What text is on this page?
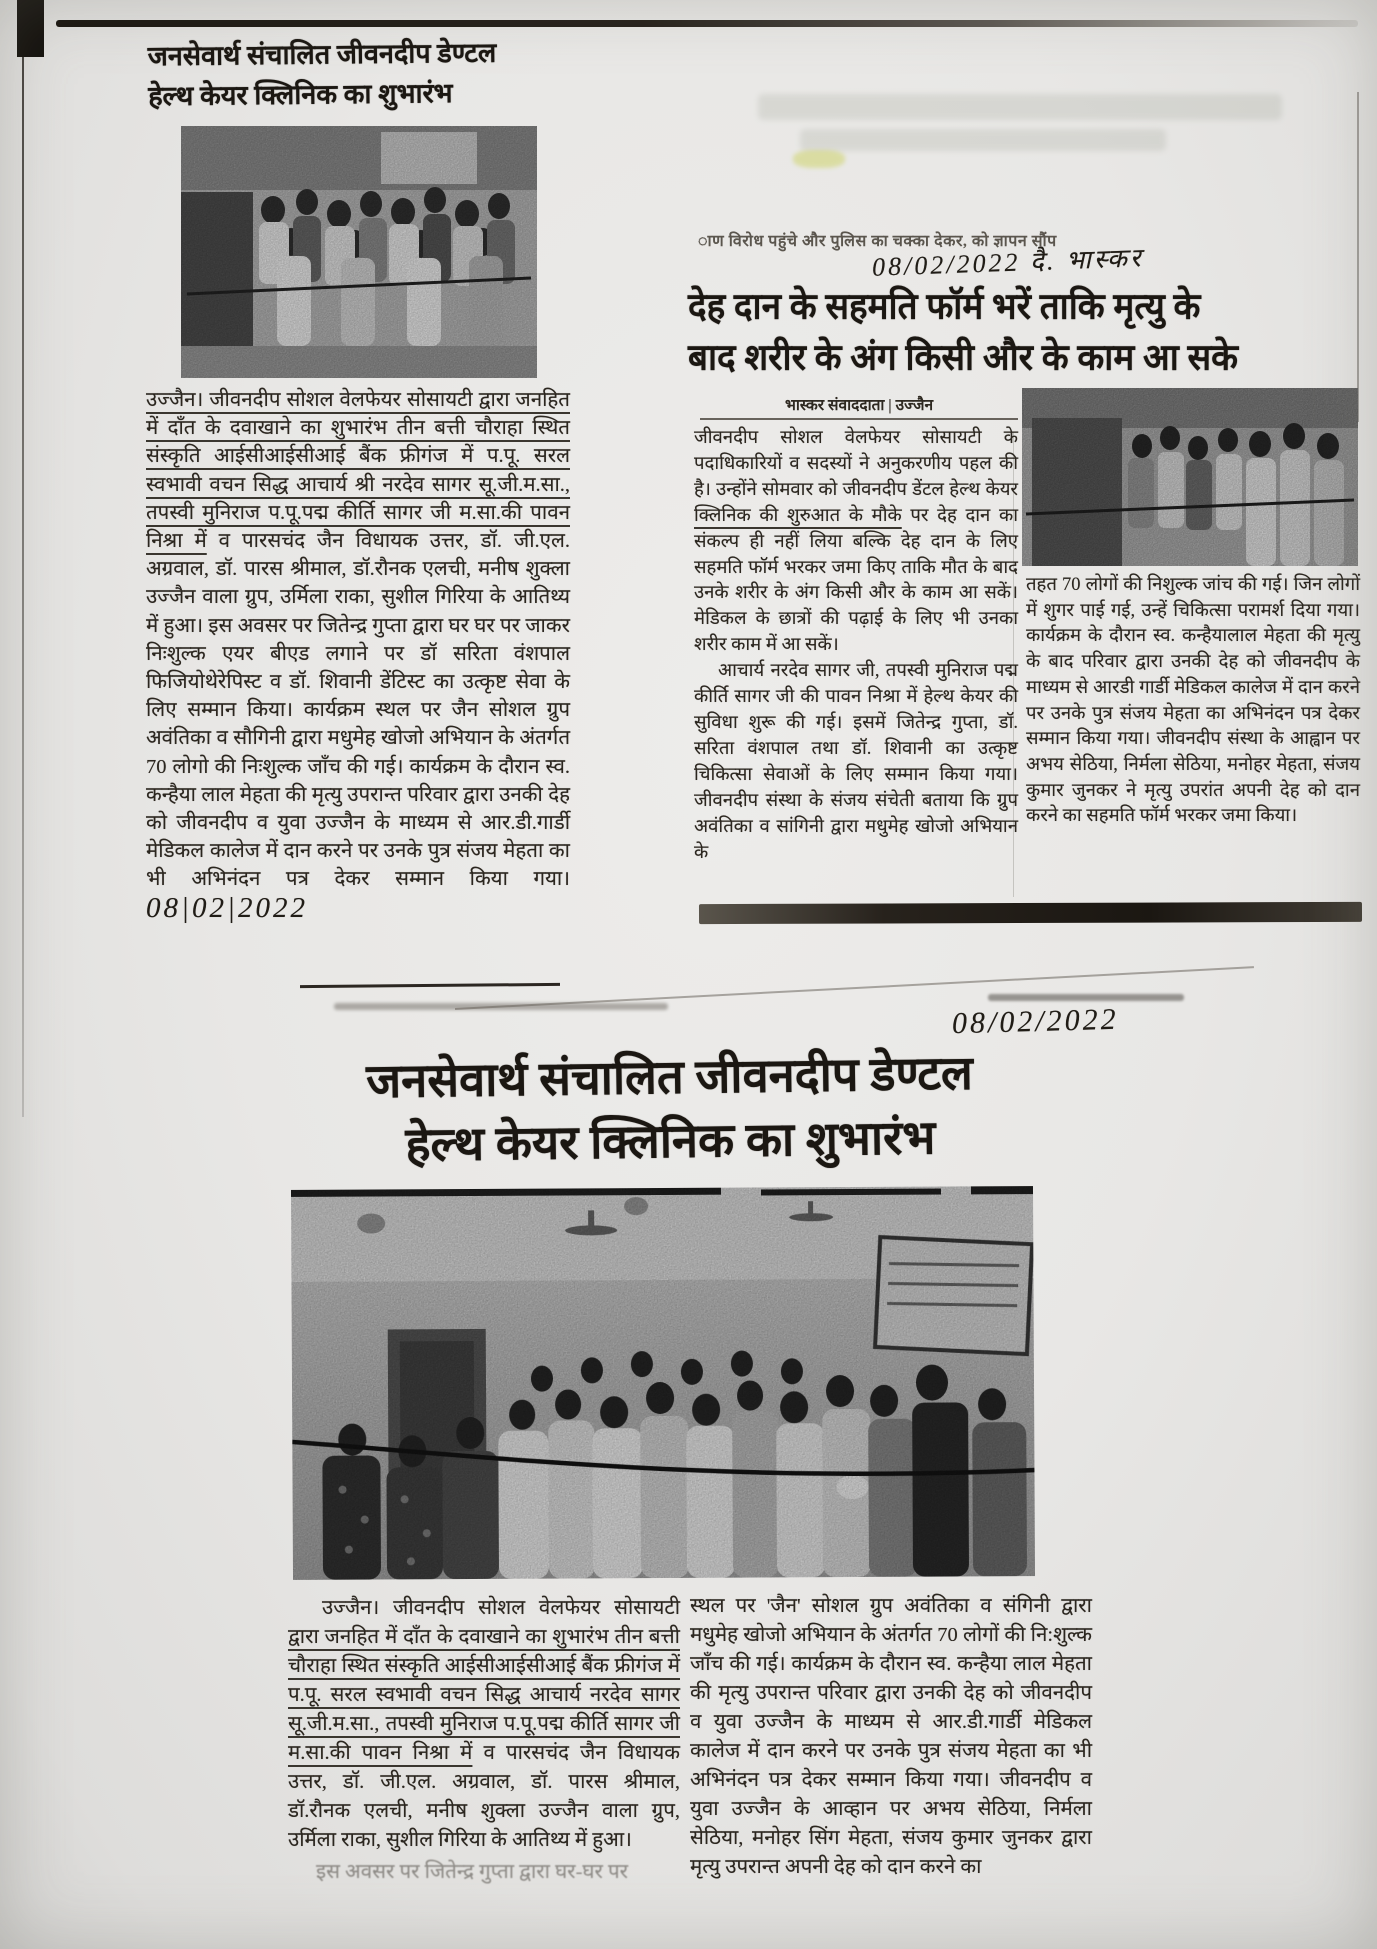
जनसेवार्थ संचालित जीवनदीप डेण्टल
हेल्थ केयर क्लिनिक का शुभारंभ
उज्जैन। जीवनदीप सोशल वेलफेयर सोसायटी द्वारा जनहित में दाँत के दवाखाने का शुभारंभ तीन बत्ती चौराहा स्थित संस्कृति आईसीआईसीआई बैंक फ्रीगंज में प.पू. सरल स्वभावी वचन सिद्ध आचार्य श्री नरदेव सागर सू.जी.म.सा., तपस्वी मुनिराज प.पू.पद्म कीर्ति सागर जी म.सा.की पावन निश्रा में व पारसचंद जैन विधायक उत्तर, डॉ. जी.एल. अग्रवाल, डॉ. पारस श्रीमाल, डॉ.रौनक एलची, मनीष शुक्ला उज्जैन वाला ग्रुप, उर्मिला राका, सुशील गिरिया के आतिथ्य में हुआ। इस अवसर पर जितेन्द्र गुप्ता द्वारा घर घर पर जाकर निःशुल्क एयर बीएड लगाने पर डॉ सरिता वंशपाल फिजियोथेरेपिस्ट व डॉ. शिवानी डेंटिस्ट का उत्कृष्ट सेवा के लिए सम्मान किया। कार्यक्रम स्थल पर जैन सोशल ग्रुप अवंतिका व सौगिनी द्वारा मधुमेह खोजो अभियान के अंतर्गत 70 लोगो की निःशुल्क जाँच की गई। कार्यक्रम के दौरान स्व. कन्हैया लाल मेहता की मृत्यु उपरान्त परिवार द्वारा उनकी देह को जीवनदीप व युवा उज्जैन के माध्यम से आर.डी.गार्डी मेडिकल कालेज में दान करने पर उनके पुत्र संजय मेहता का भी अभिनंदन पत्र देकर सम्मान किया गया। 08|02|2022
ाण विरोध पहुंचे और पुलिस का चक्का देकर, को ज्ञापन सौंप
08/02/2022 दै. भास्कर
देह दान के सहमति फॉर्म भरें ताकि मृत्यु के
बाद शरीर के अंग किसी और के काम आ सके
भास्कर संवाददाता | उज्जैन

जीवनदीप सोशल वेलफेयर सोसायटी के पदाधिकारियों व सदस्यों ने अनुकरणीय पहल की है। उन्होंने सोमवार को जीवनदीप डेंटल हेल्थ केयर क्लिनिक की शुरुआत के मौके पर देह दान का संकल्प ही नहीं लिया बल्कि देह दान के लिए सहमति फॉर्म भरकर जमा किए ताकि मौत के बाद उनके शरीर के अंग किसी और के काम आ सकें। मेडिकल के छात्रों की पढ़ाई के लिए भी उनका शरीर काम में आ सकें।

आचार्य नरदेव सागर जी, तपस्वी मुनिराज पद्म कीर्ति सागर जी की पावन निश्रा में हेल्थ केयर की सुविधा शुरू की गई। इसमें जितेन्द्र गुप्ता, डॉ. सरिता वंशपाल तथा डॉ. शिवानी का उत्कृष्ट चिकित्सा सेवाओं के लिए सम्मान किया गया। जीवनदीप संस्था के संजय संचेती बताया कि ग्रुप अवंतिका व सांगिनी द्वारा मधुमेह खोजो अभियान के

तहत 70 लोगों की निशुल्क जांच की गई। जिन लोगों में शुगर पाई गई, उन्हें चिकित्सा परामर्श दिया गया। कार्यक्रम के दौरान स्व. कन्हैयालाल मेहता की मृत्यु के बाद परिवार द्वारा उनकी देह को जीवनदीप के माध्यम से आरडी गार्डी मेडिकल कालेज में दान करने पर उनके पुत्र संजय मेहता का अभिनंदन पत्र देकर सम्मान किया गया। जीवनदीप संस्था के आह्वान पर अभय सेठिया, निर्मला सेठिया, मनोहर मेहता, संजय कुमार जुनकर ने मृत्यु उपरांत अपनी देह को दान करने का सहमति फॉर्म भरकर जमा किया।
08/02/2022
जनसेवार्थ संचालित जीवनदीप डेण्टल
हेल्थ केयर क्लिनिक का शुभारंभ
उज्जैन। जीवनदीप सोशल वेलफेयर सोसायटी द्वारा जनहित में दाँत के दवाखाने का शुभारंभ तीन बत्ती चौराहा स्थित संस्कृति आईसीआईसीआई बैंक फ्रीगंज में प.पू. सरल स्वभावी वचन सिद्ध आचार्य नरदेव सागर सू.जी.म.सा., तपस्वी मुनिराज प.पू.पद्म कीर्ति सागर जी म.सा.की पावन निश्रा में व पारसचंद जैन विधायक उत्तर, डॉ. जी.एल. अग्रवाल, डॉ. पारस श्रीमाल, डॉ.रौनक एलची, मनीष शुक्ला उज्जैन वाला ग्रुप, उर्मिला राका, सुशील गिरिया के आतिथ्य में हुआ।
इस अवसर पर जितेन्द्र गुप्ता द्वारा घर-घर पर
स्थल पर 'जैन' सोशल ग्रुप अवंतिका व संगिनी द्वारा मधुमेह खोजो अभियान के अंतर्गत 70 लोगों की नि:शुल्क जाँच की गई। कार्यक्रम के दौरान स्व. कन्हैया लाल मेहता की मृत्यु उपरान्त परिवार द्वारा उनकी देह को जीवनदीप व युवा उज्जैन के माध्यम से आर.डी.गार्डी मेडिकल कालेज में दान करने पर उनके पुत्र संजय मेहता का भी अभिनंदन पत्र देकर सम्मान किया गया। जीवनदीप व युवा उज्जैन के आव्हान पर अभय सेठिया, निर्मला सेठिया, मनोहर सिंग मेहता, संजय कुमार जुनकर द्वारा मृत्यु उपरान्त अपनी देह को दान करने का
